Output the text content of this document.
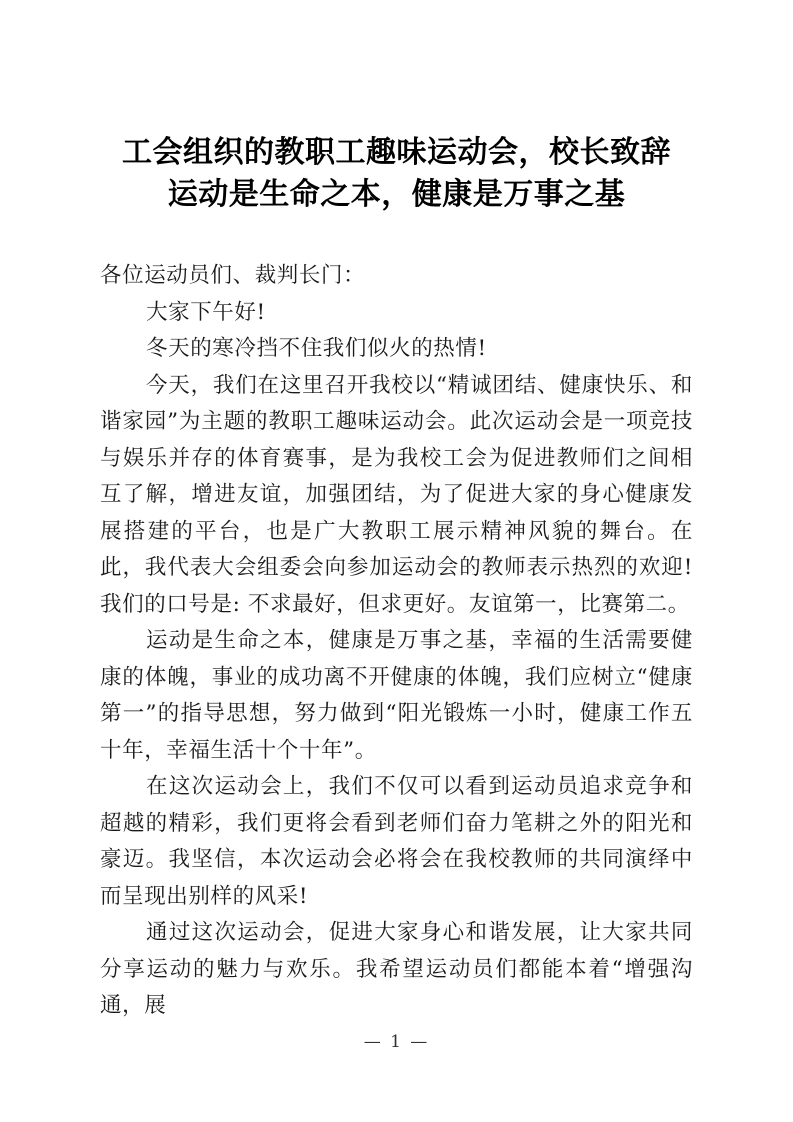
工会组织的教职工趣味运动会，校长致辞
运动是生命之本，健康是万事之基

各位运动员们、裁判长门：

大家下午好!

冬天的寒冷挡不住我们似火的热情!

今天，我们在这里召开我校以“精诚团结、健康快乐、和谐家园”为主题的教职工趣味运动会。此次运动会是一项竞技与娱乐并存的体育赛事，是为我校工会为促进教师们之间相互了解，增进友谊，加强团结，为了促进大家的身心健康发展搭建的平台，也是广大教职工展示精神风貌的舞台。在此，我代表大会组委会向参加运动会的教师表示热烈的欢迎! 我们的口号是: 不求最好，但求更好。友谊第一，比赛第二。

运动是生命之本，健康是万事之基，幸福的生活需要健康的体魄，事业的成功离不开健康的体魄，我们应树立“健康第一”的指导思想，努力做到“阳光锻炼一小时，健康工作五十年，幸福生活十个十年”。

在这次运动会上，我们不仅可以看到运动员追求竞争和超越的精彩，我们更将会看到老师们奋力笔耕之外的阳光和豪迈。我坚信，本次运动会必将会在我校教师的共同演绎中而呈现出别样的风采!

通过这次运动会，促进大家身心和谐发展，让大家共同分享运动的魅力与欢乐。我希望运动员们都能本着“增强沟通，展

— 1 —
